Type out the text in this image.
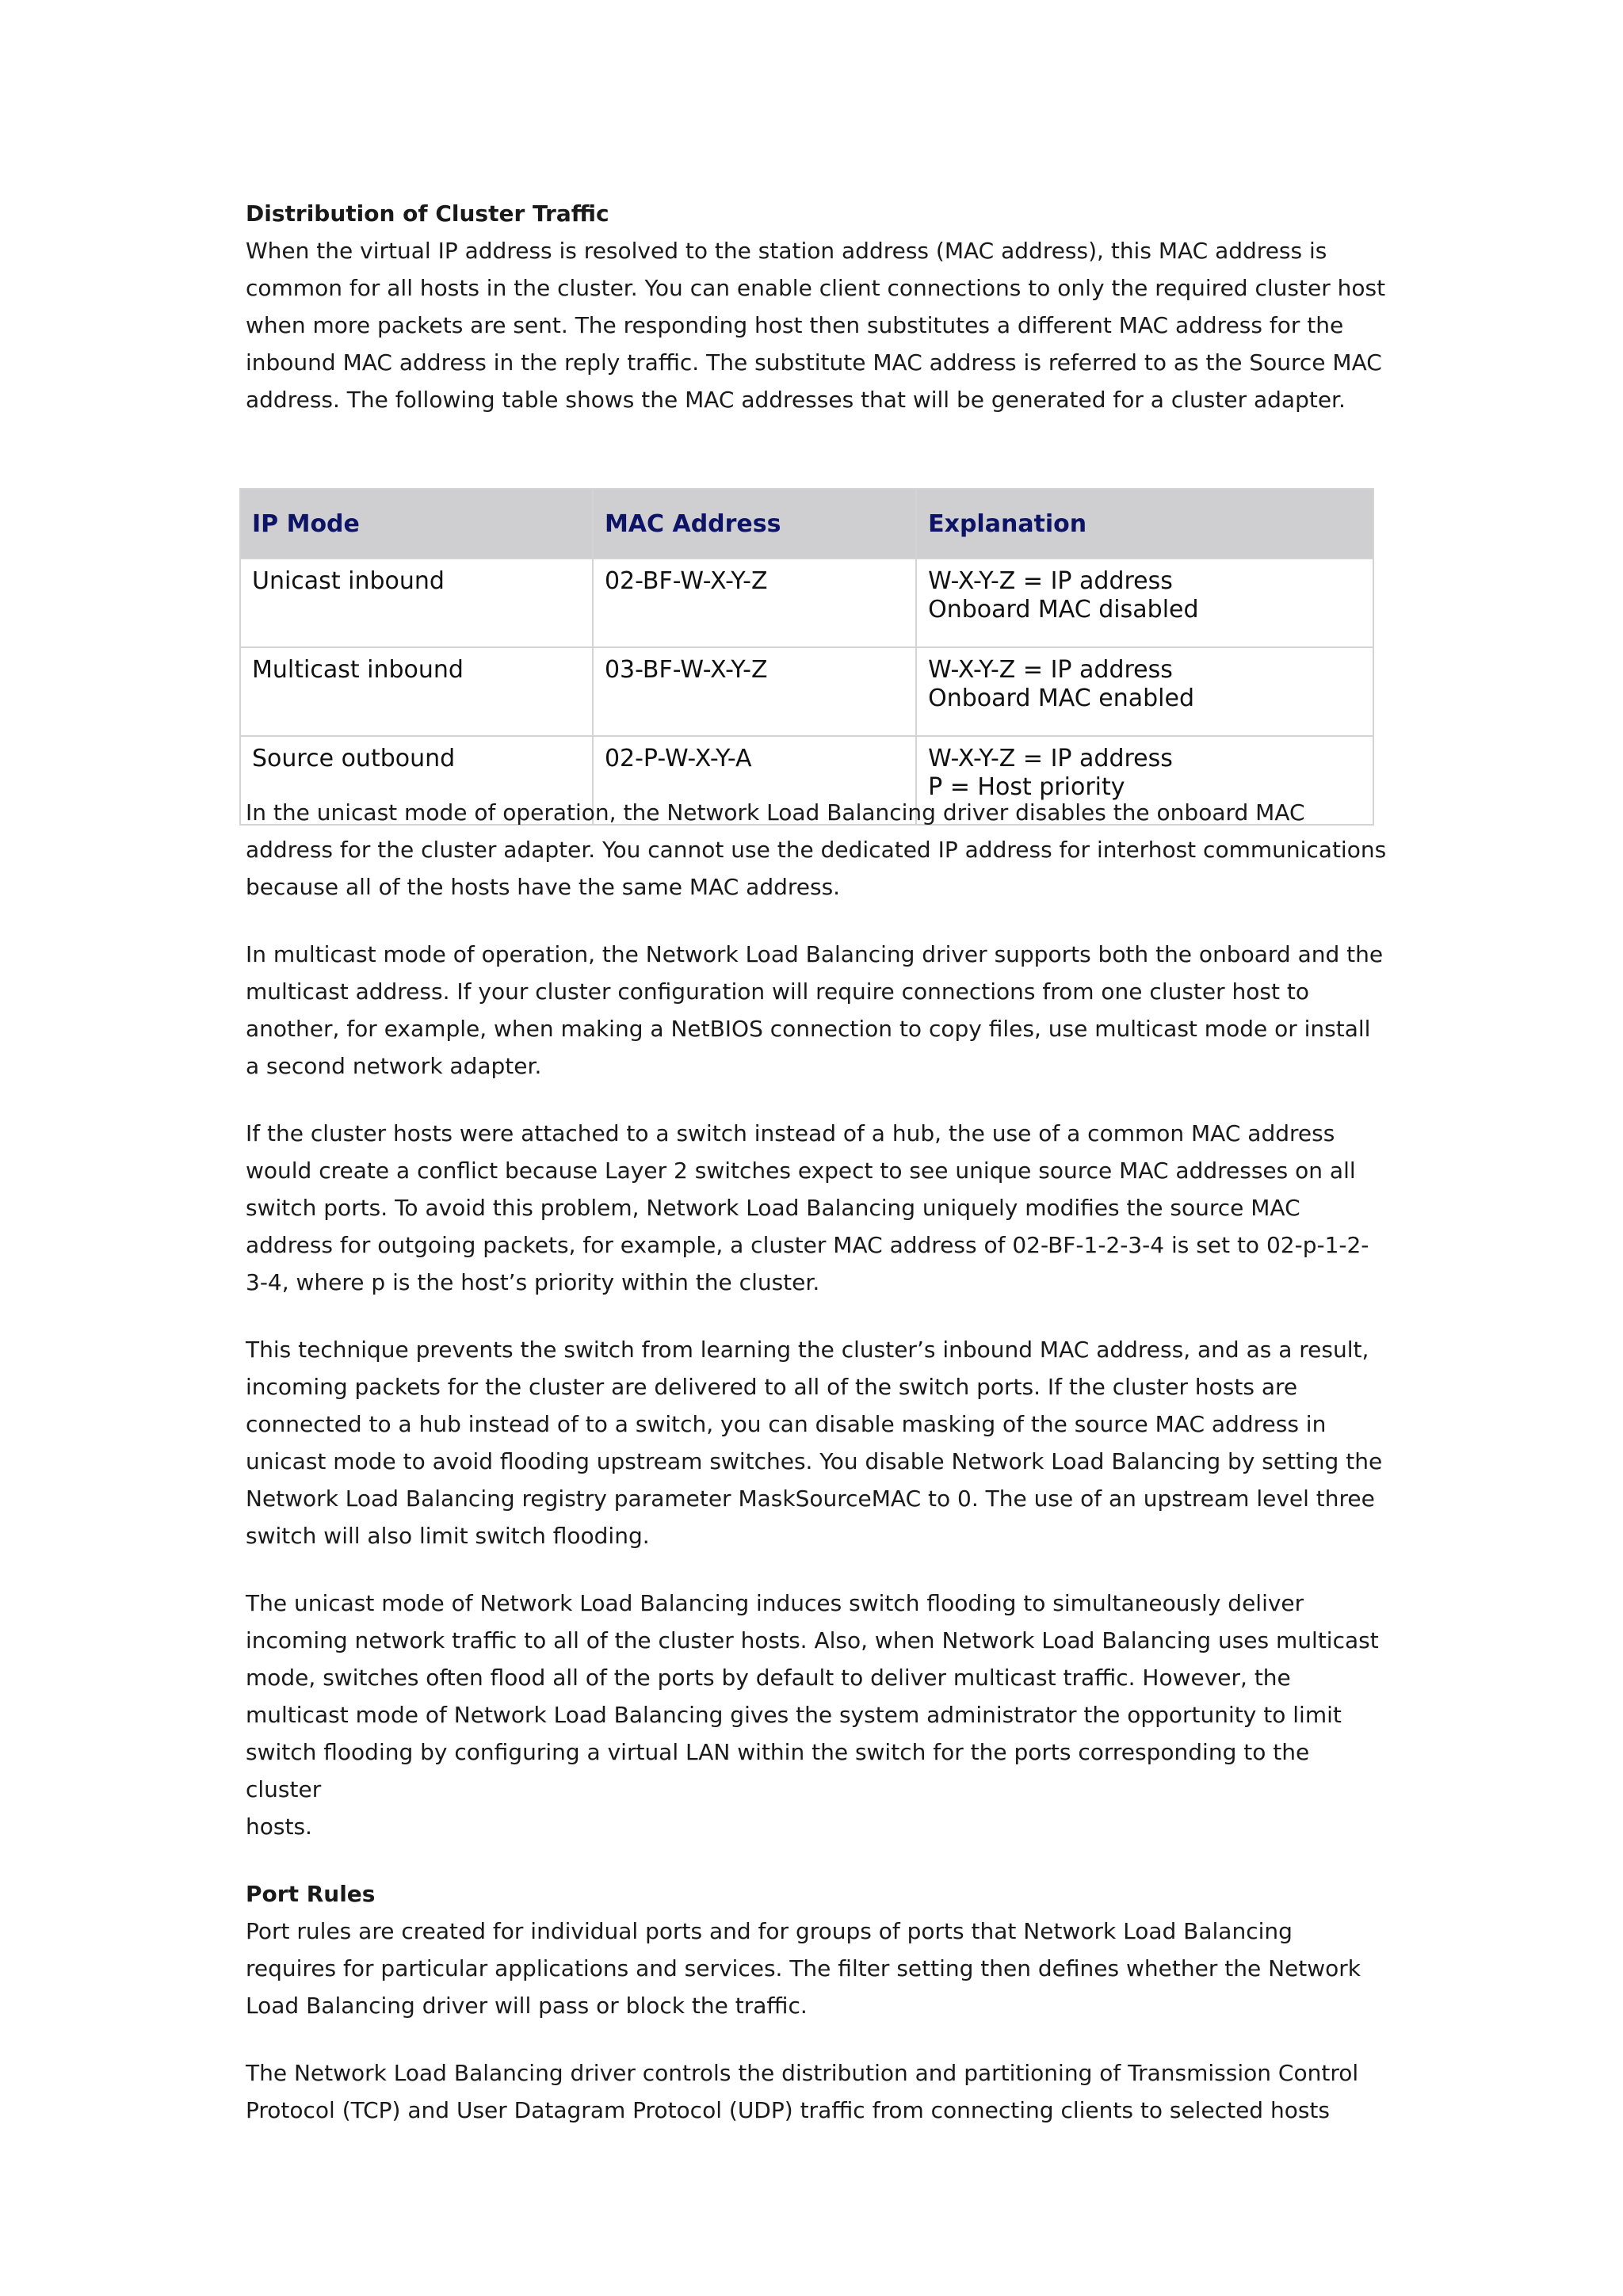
Distribution of Cluster Traffic

When the virtual IP address is resolved to the station address (MAC address), this MAC address is
common for all hosts in the cluster. You can enable client connections to only the required cluster host
when more packets are sent. The responding host then substitutes a different MAC address for the
inbound MAC address in the reply traffic. The substitute MAC address is referred to as the Source MAC
address. The following table shows the MAC addresses that will be generated for a cluster adapter.

IP Mode	MAC Address	Explanation
Unicast inbound	02-BF-W-X-Y-Z	W-X-Y-Z = IP address
Onboard MAC disabled

Multicast inbound	03-BF-W-X-Y-Z	W-X-Y-Z = IP address
Onboard MAC enabled

Source outbound	02-P-W-X-Y-A	W-X-Y-Z = IP address
P = Host priority

In the unicast mode of operation, the Network Load Balancing driver disables the onboard MAC
address for the cluster adapter. You cannot use the dedicated IP address for interhost communications
because all of the hosts have the same MAC address.

In multicast mode of operation, the Network Load Balancing driver supports both the onboard and the
multicast address. If your cluster configuration will require connections from one cluster host to
another, for example, when making a NetBIOS connection to copy files, use multicast mode or install
a second network adapter.

If the cluster hosts were attached to a switch instead of a hub, the use of a common MAC address
would create a conflict because Layer 2 switches expect to see unique source MAC addresses on all
switch ports. To avoid this problem, Network Load Balancing uniquely modifies the source MAC
address for outgoing packets, for example, a cluster MAC address of 02-BF-1-2-3-4 is set to 02-p-1-2-
3-4, where p is the host’s priority within the cluster.

This technique prevents the switch from learning the cluster’s inbound MAC address, and as a result,
incoming packets for the cluster are delivered to all of the switch ports. If the cluster hosts are
connected to a hub instead of to a switch, you can disable masking of the source MAC address in
unicast mode to avoid flooding upstream switches. You disable Network Load Balancing by setting the
Network Load Balancing registry parameter MaskSourceMAC to 0. The use of an upstream level three
switch will also limit switch flooding.

The unicast mode of Network Load Balancing induces switch flooding to simultaneously deliver
incoming network traffic to all of the cluster hosts. Also, when Network Load Balancing uses multicast
mode, switches often flood all of the ports by default to deliver multicast traffic. However, the
multicast mode of Network Load Balancing gives the system administrator the opportunity to limit
switch flooding by configuring a virtual LAN within the switch for the ports corresponding to the cluster
hosts.

Port Rules

Port rules are created for individual ports and for groups of ports that Network Load Balancing
requires for particular applications and services. The filter setting then defines whether the Network
Load Balancing driver will pass or block the traffic.

The Network Load Balancing driver controls the distribution and partitioning of Transmission Control
Protocol (TCP) and User Datagram Protocol (UDP) traffic from connecting clients to selected hosts
